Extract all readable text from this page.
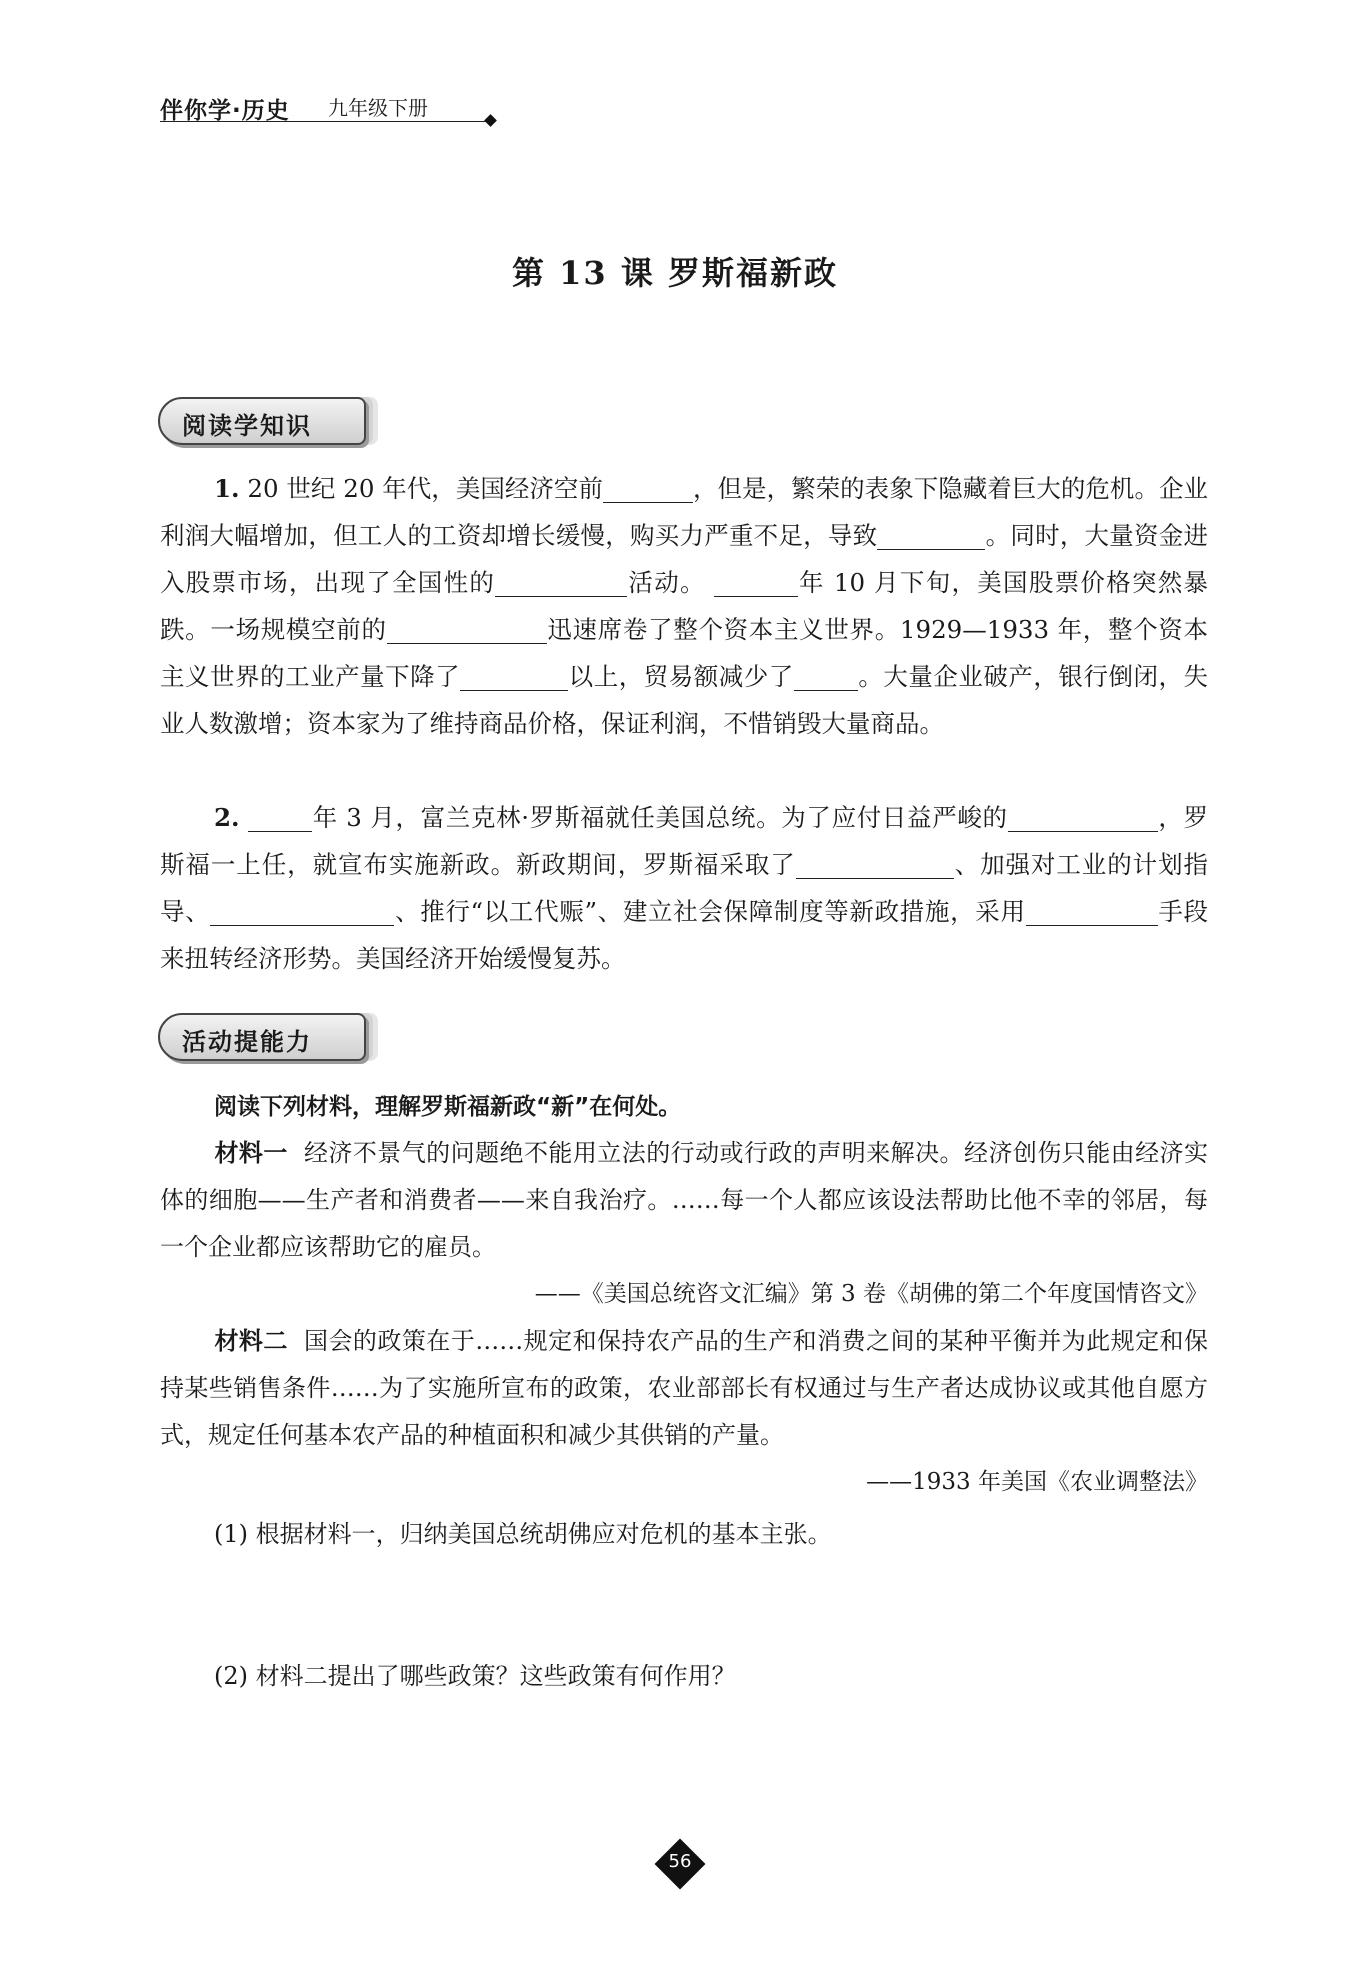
伴你学·历史 九年级下册
第 13 课 罗斯福新政
阅读学知识

1. 20 世纪 20 年代，美国经济空前	，但是，繁荣的表象下隐藏着巨大的危机。企业利润大幅增加，但工人的工资却增长缓慢，购买力严重不足，导致	。同时，大量资金进入股票市场，出现了全国性的	活动。	年 10 月下旬，美国股票价格突然暴跌。一场规模空前的	迅速席卷了整个资本主义世界。1929—1933 年，整个资本主义世界的工业产量下降了	以上，贸易额减少了	。大量企业破产，银行倒闭，失业人数激增；资本家为了维持商品价格，保证利润，不惜销毁大量商品。

2.	年 3 月，富兰克林·罗斯福就任美国总统。为了应付日益严峻的	，罗斯福一上任，就宣布实施新政。新政期间，罗斯福采取了	、加强对工业的计划指导、	、推行“以工代赈”、建立社会保障制度等新政措施，采用	手段来扭转经济形势。美国经济开始缓慢复苏。

活动提能力
阅读下列材料，理解罗斯福新政“新”在何处。

材料一 经济不景气的问题绝不能用立法的行动或行政的声明来解决。经济创伤只能由经济实体的细胞——生产者和消费者——来自我治疗。……每一个人都应该设法帮助比他不幸的邻居，每一个企业都应该帮助它的雇员。

——《美国总统咨文汇编》第 3 卷《胡佛的第二个年度国情咨文》

材料二 国会的政策在于……规定和保持农产品的生产和消费之间的某种平衡并为此规定和保持某些销售条件……为了实施所宣布的政策，农业部部长有权通过与生产者达成协议或其他自愿方式，规定任何基本农产品的种植面积和减少其供销的产量。

——1933 年美国《农业调整法》
(1) 根据材料一，归纳美国总统胡佛应对危机的基本主张。
(2) 材料二提出了哪些政策？这些政策有何作用？
56
